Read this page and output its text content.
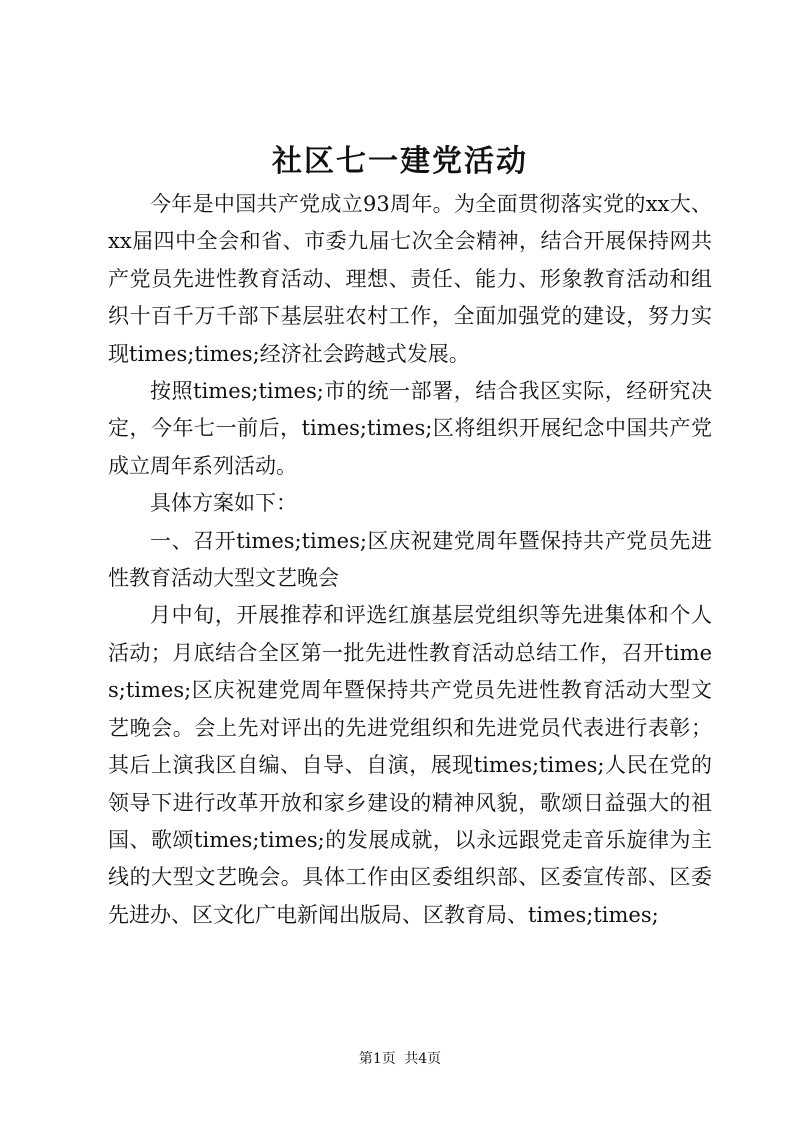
社区七一建党活动

今年是中国共产党成立93周年。为全面贯彻落实党的xx大、xx届四中全会和省、市委九届七次全会精神，结合开展保持网共产党员先进性教育活动、理想、责任、能力、形象教育活动和组织十百千万千部下基层驻农村工作，全面加强党的建设，努力实现times;times;经济社会跨越式发展。

按照times;times;市的统一部署，结合我区实际，经研究决定，今年七一前后，times;times;区将组织开展纪念中国共产党成立周年系列活动。

具体方案如下：

一、召开times;times;区庆祝建党周年暨保持共产党员先进性教育活动大型文艺晚会

月中旬，开展推荐和评选红旗基层党组织等先进集体和个人活动；月底结合全区第一批先进性教育活动总结工作，召开times;times;区庆祝建党周年暨保持共产党员先进性教育活动大型文艺晚会。会上先对评出的先进党组织和先进党员代表进行表彰；其后上演我区自编、自导、自演，展现times;times;人民在党的领导下进行改革开放和家乡建设的精神风貌，歌颂日益强大的祖国、歌颂times;times;的发展成就，以永远跟党走音乐旋律为主线的大型文艺晚会。具体工作由区委组织部、区委宣传部、区委先进办、区文化广电新闻出版局、区教育局、times;times;

第1页 共4页
